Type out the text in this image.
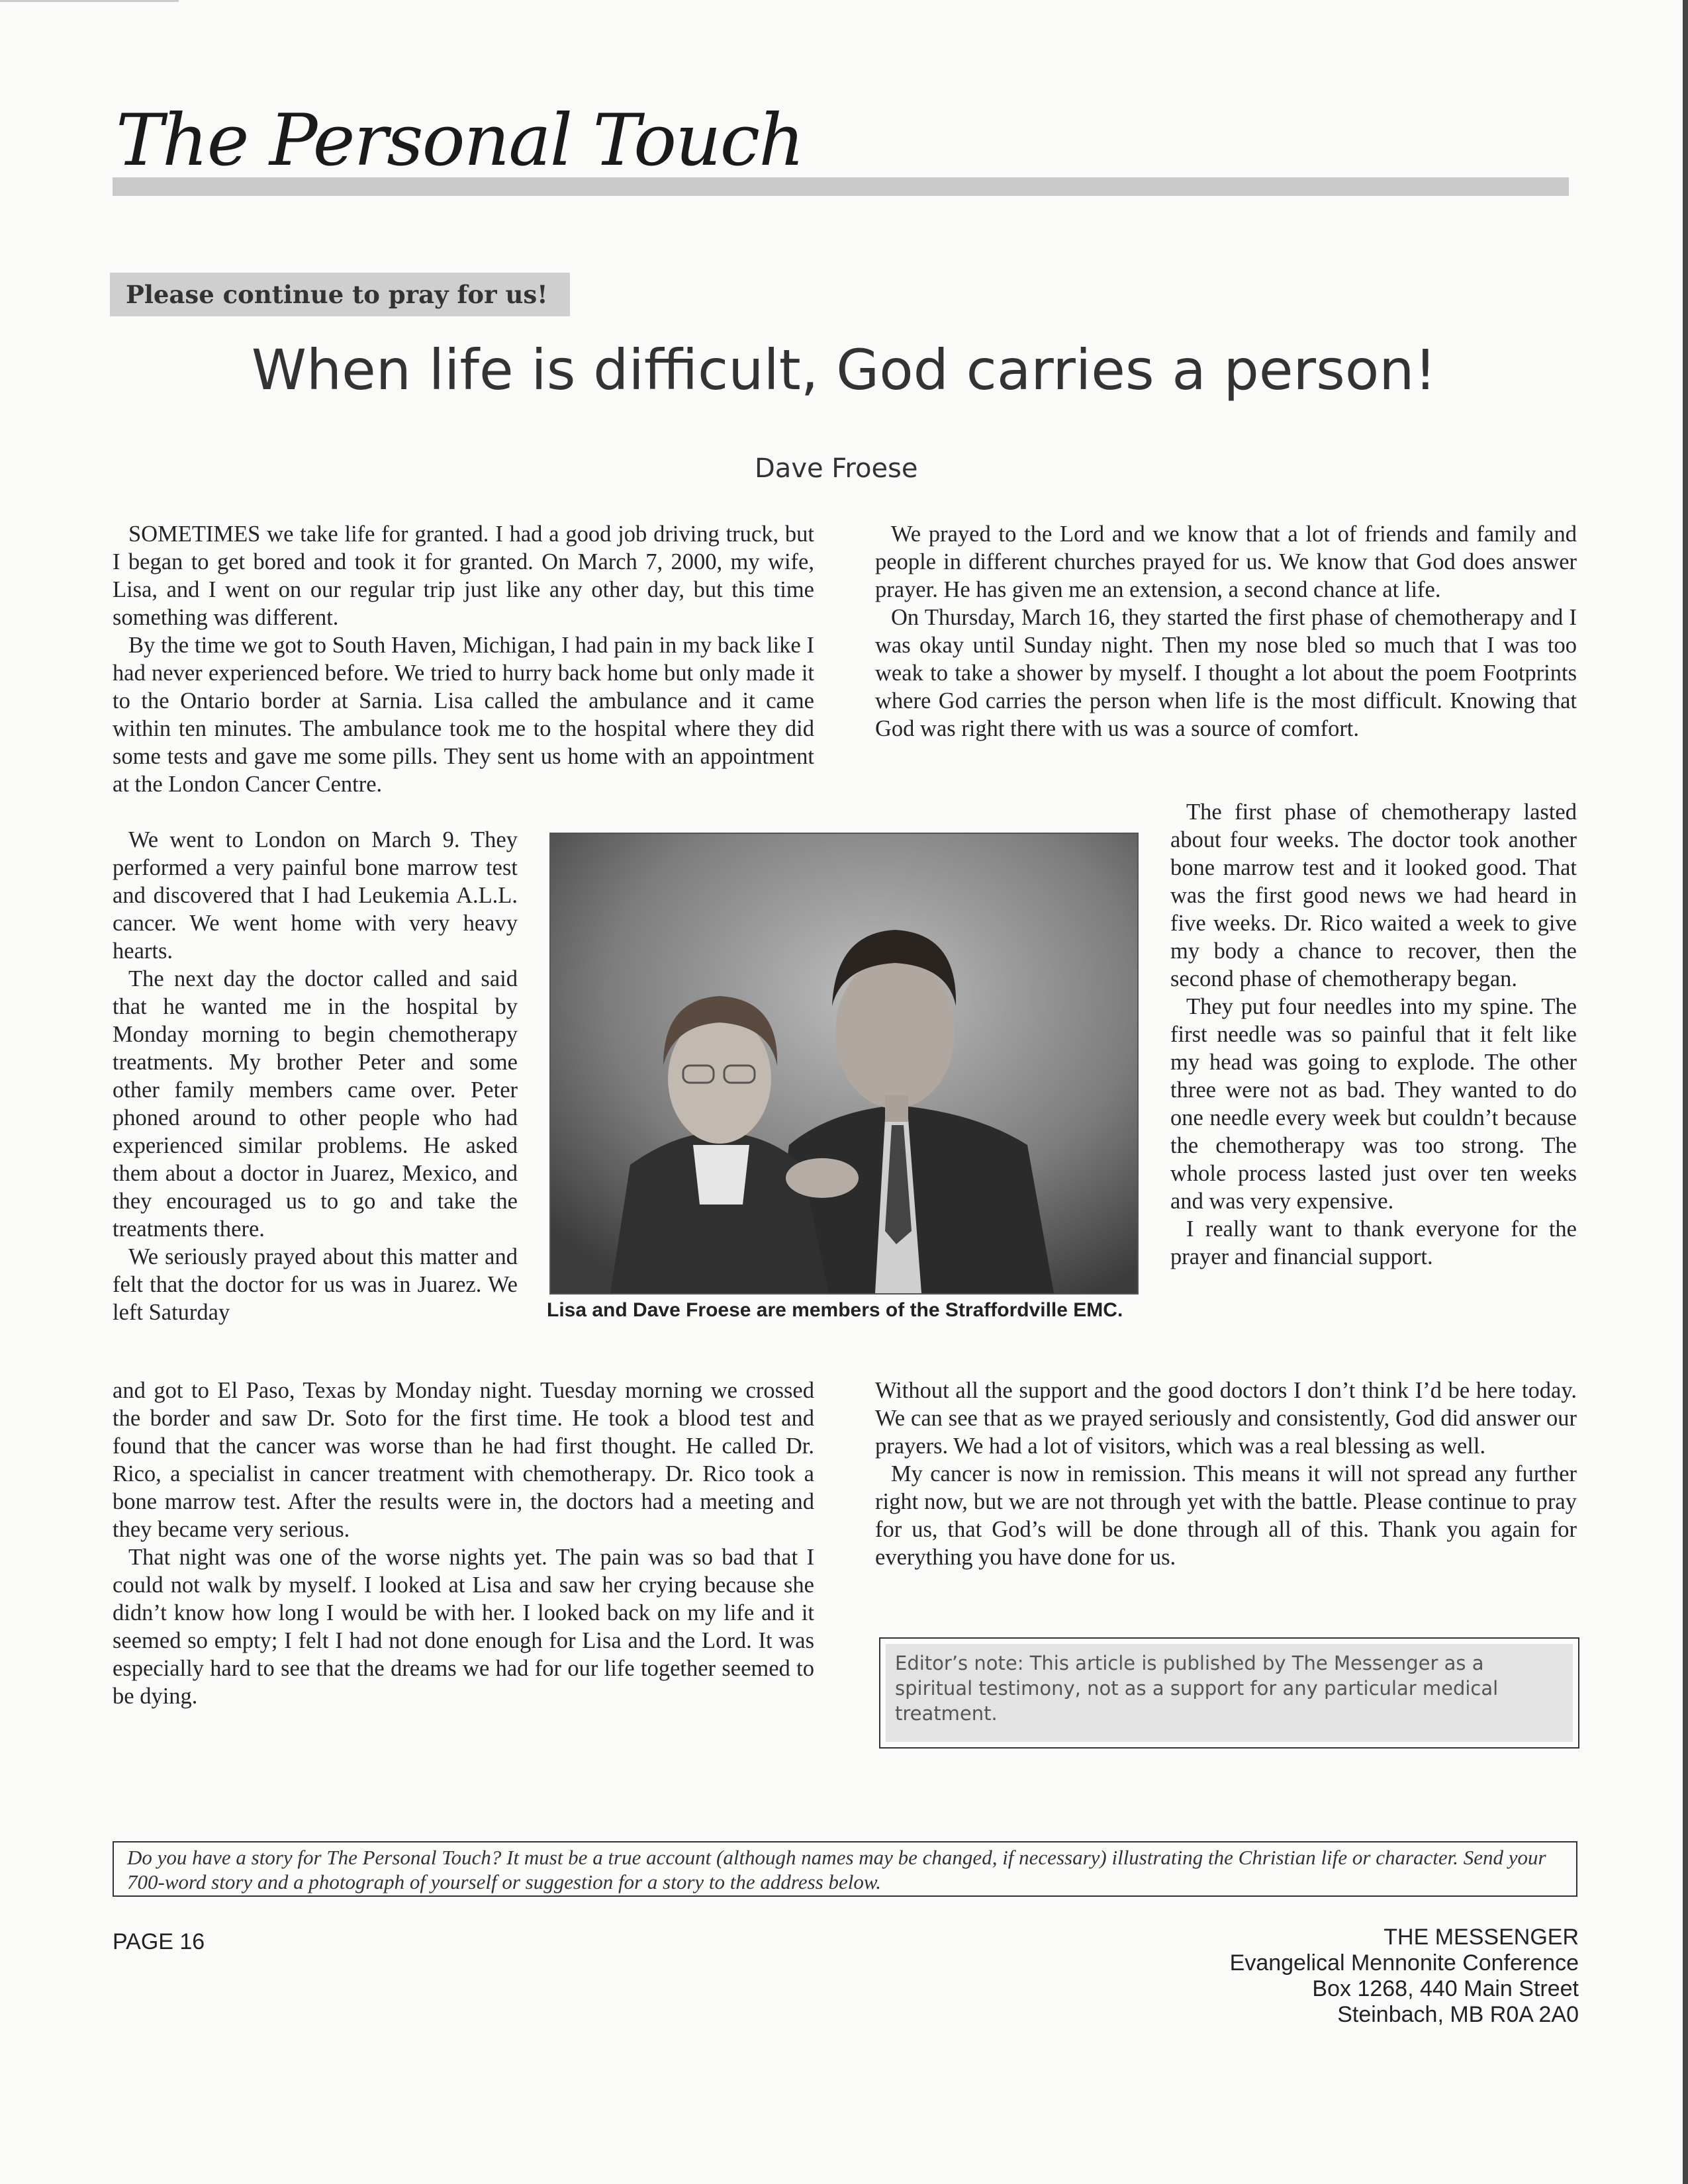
The Personal Touch
Please continue to pray for us!
When life is difficult, God carries a person!
Dave Froese

SOMETIMES we take life for granted. I had a good job driving truck, but I began to get bored and took it for granted. On March 7, 2000, my wife, Lisa, and I went on our regular trip just like any other day, but this time something was different.

By the time we got to South Haven, Michigan, I had pain in my back like I had never experienced before. We tried to hurry back home but only made it to the Ontario border at Sarnia. Lisa called the ambulance and it came within ten minutes. The ambulance took me to the hospital where they did some tests and gave me some pills. They sent us home with an appointment at the London Cancer Centre.

We went to London on March 9. They performed a very painful bone marrow test and discovered that I had Leukemia A.L.L. cancer. We went home with very heavy hearts.

The next day the doctor called and said that he wanted me in the hospital by Monday morning to begin chemotherapy treatments. My brother Peter and some other family members came over. Peter phoned around to other people who had experienced similar problems. He asked them about a doctor in Juarez, Mexico, and they encouraged us to go and take the treatments there.

We seriously prayed about this matter and felt that the doctor for us was in Juarez. We left Saturday

and got to El Paso, Texas by Monday night. Tuesday morning we crossed the border and saw Dr. Soto for the first time. He took a blood test and found that the cancer was worse than he had first thought. He called Dr. Rico, a specialist in cancer treatment with chemotherapy. Dr. Rico took a bone marrow test. After the results were in, the doctors had a meeting and they became very serious.

That night was one of the worse nights yet. The pain was so bad that I could not walk by myself. I looked at Lisa and saw her crying because she didn’t know how long I would be with her. I looked back on my life and it seemed so empty; I felt I had not done enough for Lisa and the Lord. It was especially hard to see that the dreams we had for our life together seemed to be dying.

We prayed to the Lord and we know that a lot of friends and family and people in different churches prayed for us. We know that God does answer prayer. He has given me an extension, a second chance at life.

On Thursday, March 16, they started the first phase of chemotherapy and I was okay until Sunday night. Then my nose bled so much that I was too weak to take a shower by myself. I thought a lot about the poem Footprints where God carries the person when life is the most difficult. Knowing that God was right there with us was a source of comfort.

The first phase of chemotherapy lasted about four weeks. The doctor took another bone marrow test and it looked good. That was the first good news we had heard in five weeks. Dr. Rico waited a week to give my body a chance to recover, then the second phase of chemotherapy began.

They put four needles into my spine. The first needle was so painful that it felt like my head was going to explode. The other three were not as bad. They wanted to do one needle every week but couldn’t because the chemotherapy was too strong. The whole process lasted just over ten weeks and was very expensive.

I really want to thank everyone for the prayer and financial support.

Without all the support and the good doctors I don’t think I’d be here today. We can see that as we prayed seriously and consistently, God did answer our prayers. We had a lot of visitors, which was a real blessing as well.

My cancer is now in remission. This means it will not spread any further right now, but we are not through yet with the battle. Please continue to pray for us, that God’s will be done through all of this. Thank you again for everything you have done for us.

Lisa and Dave Froese are members of the Straffordville EMC.
Editor’s note: This article is published by The Messenger as a spiritual testimony, not as a support for any particular medical treatment.
Do you have a story for The Personal Touch? It must be a true account (although names may be changed, if necessary) illustrating the Christian life or character. Send your 700-word story and a photograph of yourself or suggestion for a story to the address below.
PAGE 16	THE MESSENGER
Evangelical Mennonite Conference
Box 1268, 440 Main Street
Steinbach, MB R0A 2A0
